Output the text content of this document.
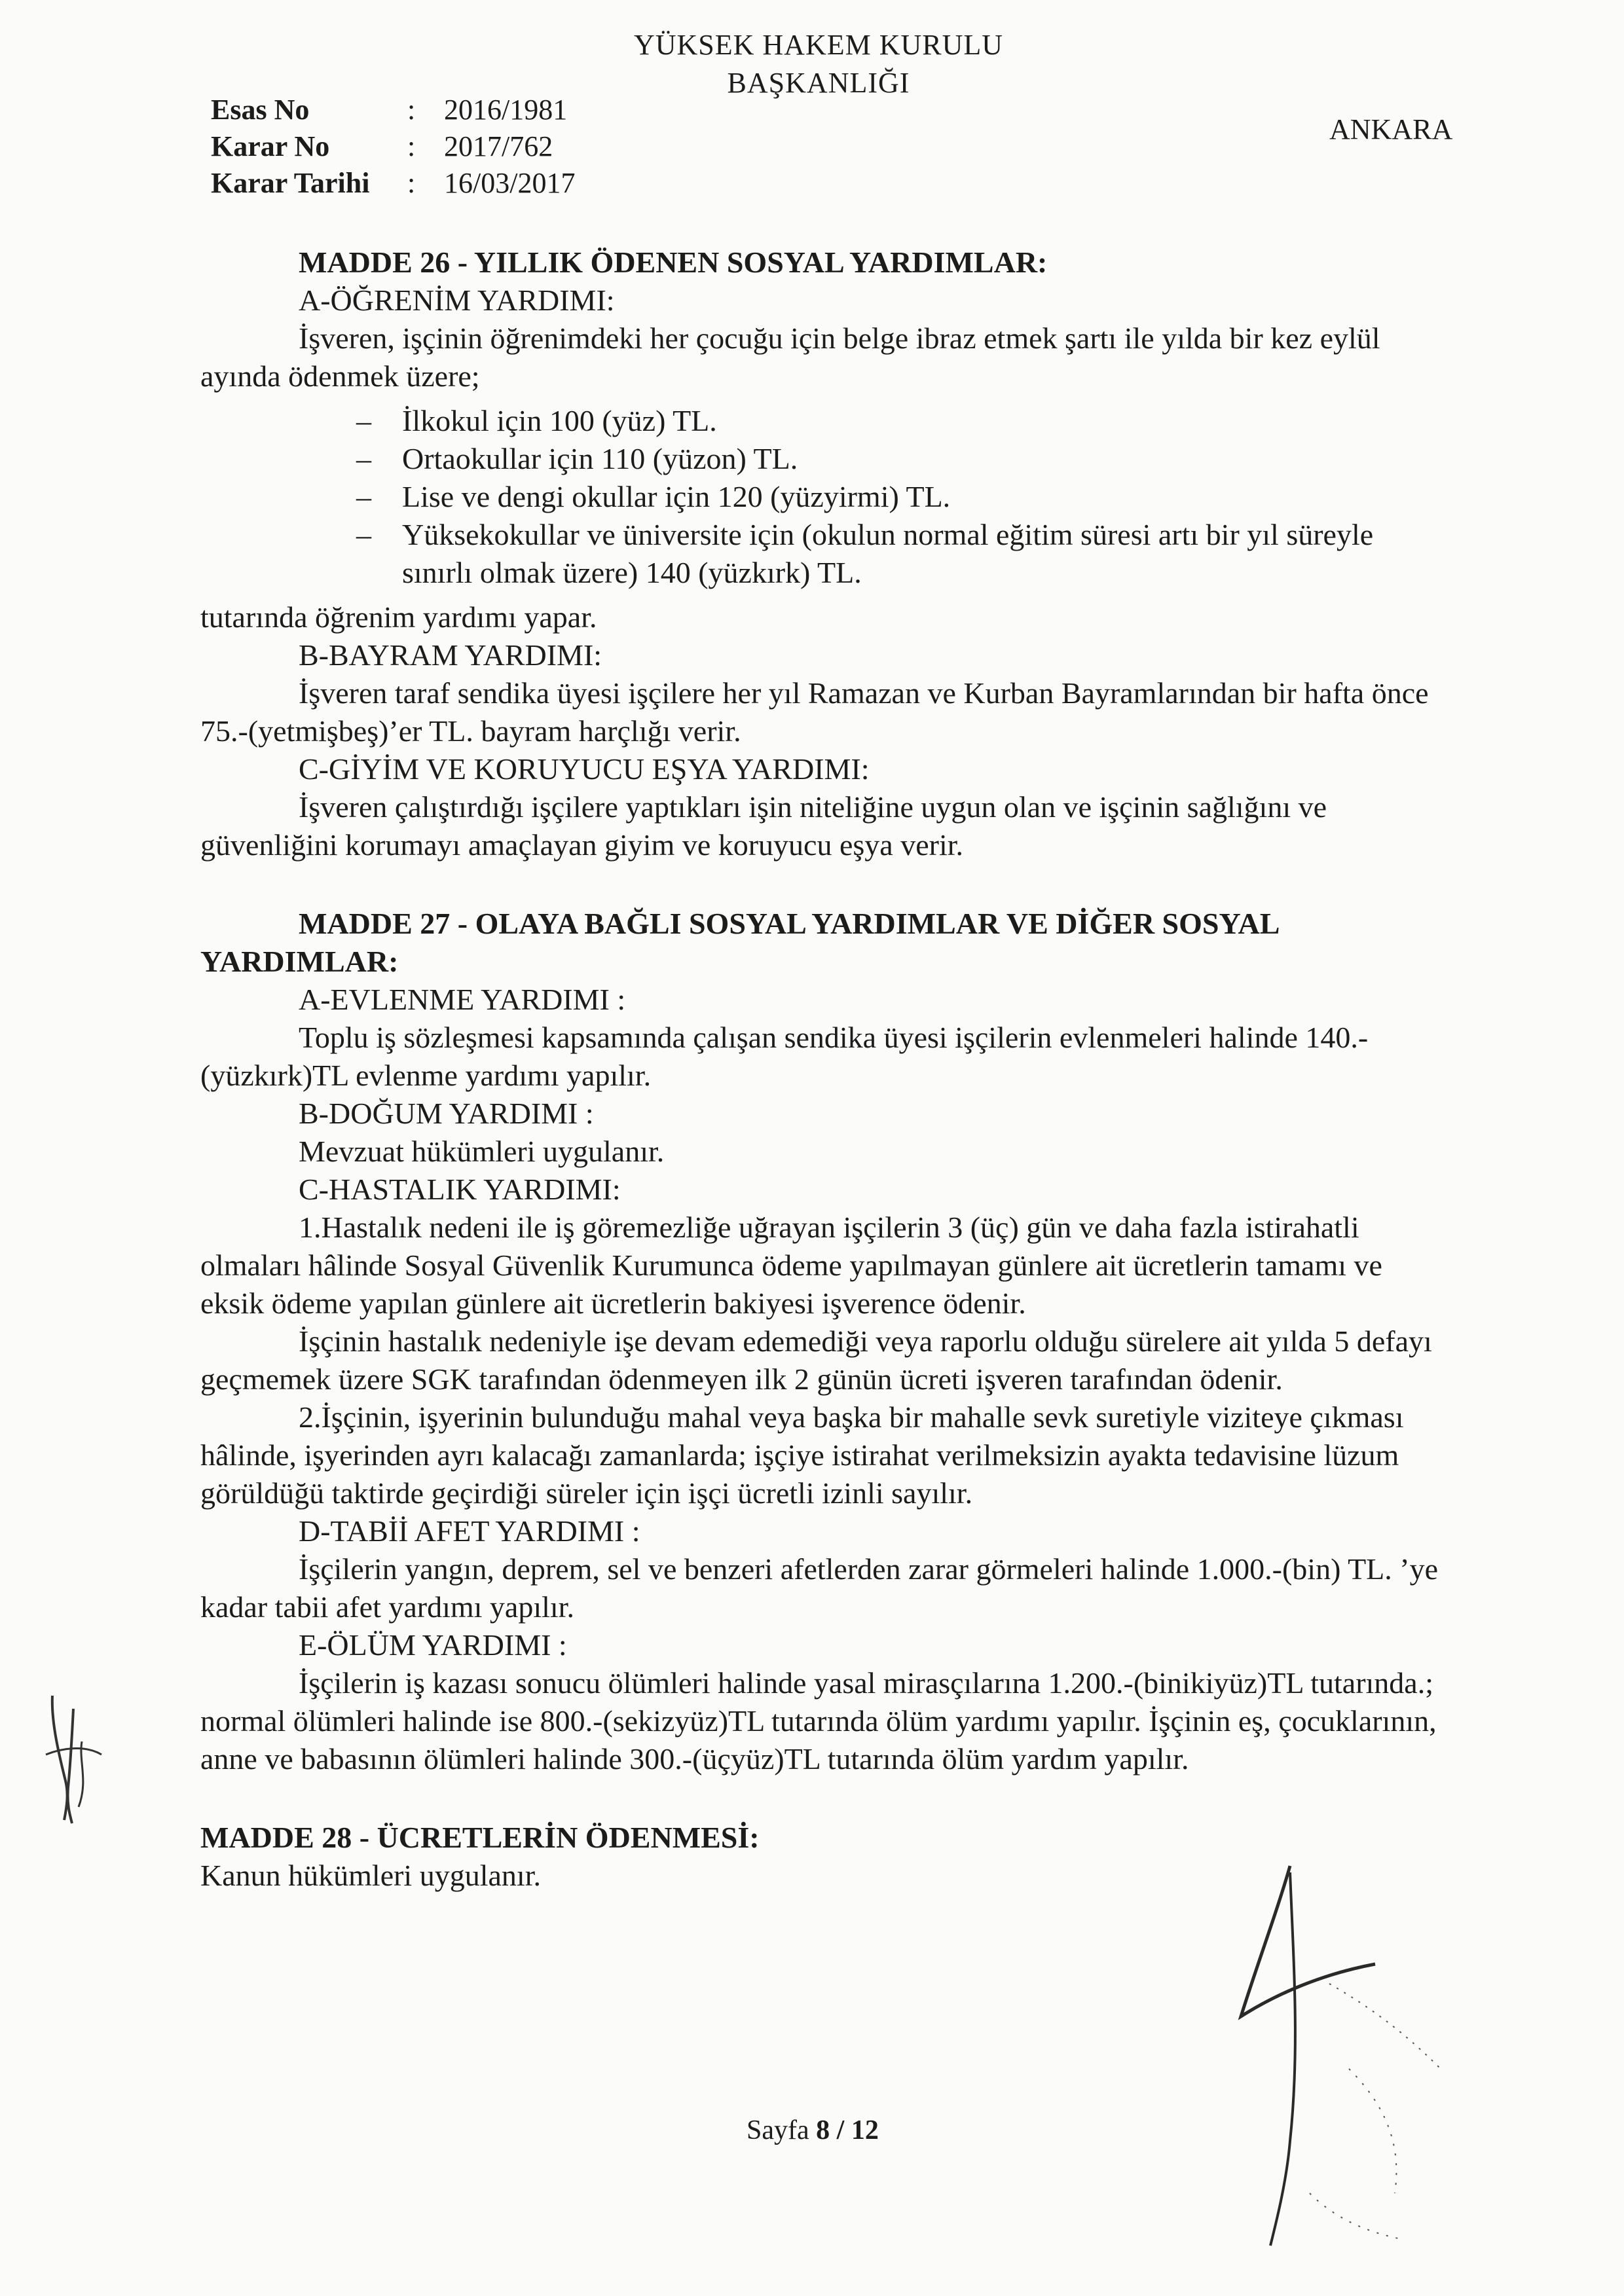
YÜKSEK HAKEM KURULU
BAŞKANLIĞI
ANKARA
Esas No	: 2016/1981
Karar No	: 2017/762
Karar Tarihi	: 16/03/2017

MADDE 26 - YILLIK ÖDENEN SOSYAL YARDIMLAR:

A-ÖĞRENİM YARDIMI:

İşveren, işçinin öğrenimdeki her çocuğu için belge ibraz etmek şartı ile yılda bir kez eylül ayında ödenmek üzere;

– İlkokul için 100 (yüz) TL.
– Ortaokullar için 110 (yüzon) TL.
– Lise ve dengi okullar için 120 (yüzyirmi) TL.
– Yüksekokullar ve üniversite için (okulun normal eğitim süresi artı bir yıl süreyle sınırlı olmak üzere) 140 (yüzkırk) TL.

tutarında öğrenim yardımı yapar.

B-BAYRAM YARDIMI:

İşveren taraf sendika üyesi işçilere her yıl Ramazan ve Kurban Bayramlarından bir hafta önce 75.-(yetmişbeş)’er TL. bayram harçlığı verir.

C-GİYİM VE KORUYUCU EŞYA YARDIMI:

İşveren çalıştırdığı işçilere yaptıkları işin niteliğine uygun olan ve işçinin sağlığını ve güvenliğini korumayı amaçlayan giyim ve koruyucu eşya verir.

MADDE 27 - OLAYA BAĞLI SOSYAL YARDIMLAR VE DİĞER SOSYAL YARDIMLAR:

A-EVLENME YARDIMI :

Toplu iş sözleşmesi kapsamında çalışan sendika üyesi işçilerin evlenmeleri halinde 140.-(yüzkırk)TL evlenme yardımı yapılır.

B-DOĞUM YARDIMI :

Mevzuat hükümleri uygulanır.

C-HASTALIK YARDIMI:

1.Hastalık nedeni ile iş göremezliğe uğrayan işçilerin 3 (üç) gün ve daha fazla istirahatli olmaları hâlinde Sosyal Güvenlik Kurumunca ödeme yapılmayan günlere ait ücretlerin tamamı ve eksik ödeme yapılan günlere ait ücretlerin bakiyesi işverence ödenir.

İşçinin hastalık nedeniyle işe devam edemediği veya raporlu olduğu sürelere ait yılda 5 defayı geçmemek üzere SGK tarafından ödenmeyen ilk 2 günün ücreti işveren tarafından ödenir.

2.İşçinin, işyerinin bulunduğu mahal veya başka bir mahalle sevk suretiyle viziteye çıkması hâlinde, işyerinden ayrı kalacağı zamanlarda; işçiye istirahat verilmeksizin ayakta tedavisine lüzum görüldüğü taktirde geçirdiği süreler için işçi ücretli izinli sayılır.

D-TABİİ AFET YARDIMI :

İşçilerin yangın, deprem, sel ve benzeri afetlerden zarar görmeleri halinde 1.000.-(bin) TL. ’ye kadar tabii afet yardımı yapılır.

E-ÖLÜM YARDIMI :

İşçilerin iş kazası sonucu ölümleri halinde yasal mirasçılarına 1.200.-(binikiyüz)TL tutarında.; normal ölümleri halinde ise 800.-(sekizyüz)TL tutarında ölüm yardımı yapılır. İşçinin eş, çocuklarının, anne ve babasının ölümleri halinde 300.-(üçyüz)TL tutarında ölüm yardım yapılır.

MADDE 28 - ÜCRETLERİN ÖDENMESİ:

Kanun hükümleri uygulanır.

Sayfa 8 / 12
